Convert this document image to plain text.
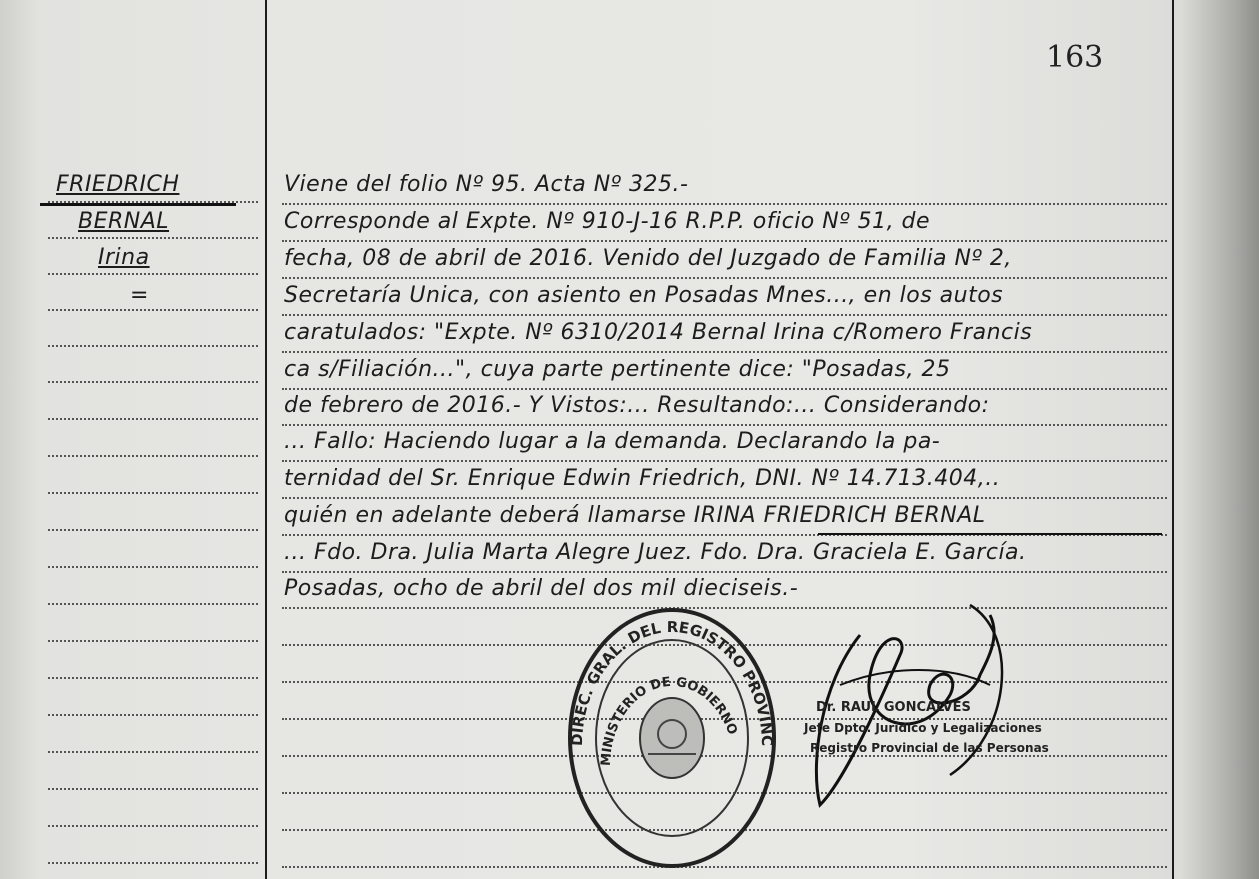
163
FRIEDRICH
BERNAL
Irina
=
Viene del folio Nº 95. Acta Nº 325.-
Corresponde al Expte. Nº 910-J-16 R.P.P. oficio Nº 51, de
fecha, 08 de abril de 2016. Venido del Juzgado de Familia Nº 2,
Secretaría Unica, con asiento en Posadas Mnes..., en los autos
caratulados: "Expte. Nº 6310/2014 Bernal Irina c/Romero Francis
ca s/Filiación...", cuya parte pertinente dice: "Posadas, 25
de febrero de 2016.- Y Vistos:... Resultando:... Considerando:
... Fallo: Haciendo lugar a la demanda. Declarando la pa-
ternidad del Sr. Enrique Edwin Friedrich, DNI. Nº 14.713.404,..
quién en adelante deberá llamarse IRINA FRIEDRICH BERNAL
... Fdo. Dra. Julia Marta Alegre Juez. Fdo. Dra. Graciela E. García.
Posadas, ocho de abril del dos mil dieciseis.-
DIREC. GRAL. DEL REGISTRO PROVINC
MINISTERIO DE GOBIERNO
Dr. RAUL GONCALVES
Jefe Dpto. Jurídico y Legalizaciones
Registro Provincial de las Personas
